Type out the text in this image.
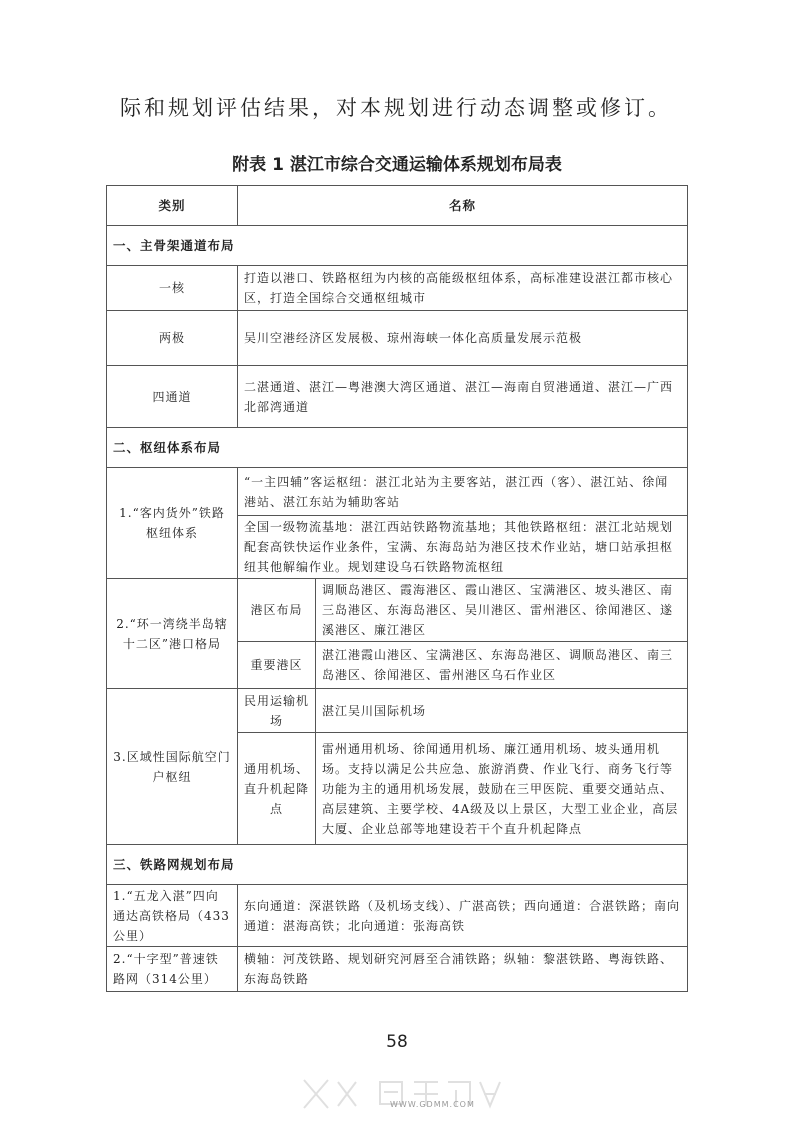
际和规划评估结果，对本规划进行动态调整或修订。
附表 1 湛江市综合交通运输体系规划布局表
类别	名称	
一、主骨架通道布局		
一核	打造以港口、铁路枢纽为内核的高能级枢纽体系，高标准建设湛江都市核心区，打造全国综合交通枢纽城市	
两极	吴川空港经济区发展极、琼州海峡一体化高质量发展示范极	
四通道	二湛通道、湛江—粤港澳大湾区通道、湛江—海南自贸港通道、湛江—广西北部湾通道	
二、枢纽体系布局		
1.“客内货外”铁路枢纽体系	“一主四辅”客运枢纽：湛江北站为主要客站，湛江西（客）、湛江站、徐闻港站、湛江东站为辅助客站	
	全国一级物流基地：湛江西站铁路物流基地；其他铁路枢纽：湛江北站规划配套高铁快运作业条件，宝满、东海岛站为港区技术作业站，塘口站承担枢纽其他解编作业。规划建设乌石铁路物流枢纽	
2.“环一湾绕半岛辖十二区”港口格局	港区布局	调顺岛港区、霞海港区、霞山港区、宝满港区、坡头港区、南三岛港区、东海岛港区、吴川港区、雷州港区、徐闻港区、遂溪港区、廉江港区
	重要港区	湛江港霞山港区、宝满港区、东海岛港区、调顺岛港区、南三岛港区、徐闻港区、雷州港区乌石作业区
3.区域性国际航空门户枢纽	民用运输机场	湛江吴川国际机场
	通用机场、直升机起降点	雷州通用机场、徐闻通用机场、廉江通用机场、坡头通用机场。支持以满足公共应急、旅游消费、作业飞行、商务飞行等功能为主的通用机场发展，鼓励在三甲医院、重要交通站点、高层建筑、主要学校、4A级及以上景区，大型工业企业，高层大厦、企业总部等地建设若干个直升机起降点
三、铁路网规划布局		
1.“五龙入湛”四向通达高铁格局（433公里）	东向通道：深湛铁路（及机场支线）、广湛高铁；西向通道：合湛铁路；南向通道：湛海高铁；北向通道：张海高铁	
2.“十字型”普速铁路网（314公里）	横轴：河茂铁路、规划研究河唇至合浦铁路；纵轴：黎湛铁路、粤海铁路、东海岛铁路	
58
WWW.GDMM.COM
